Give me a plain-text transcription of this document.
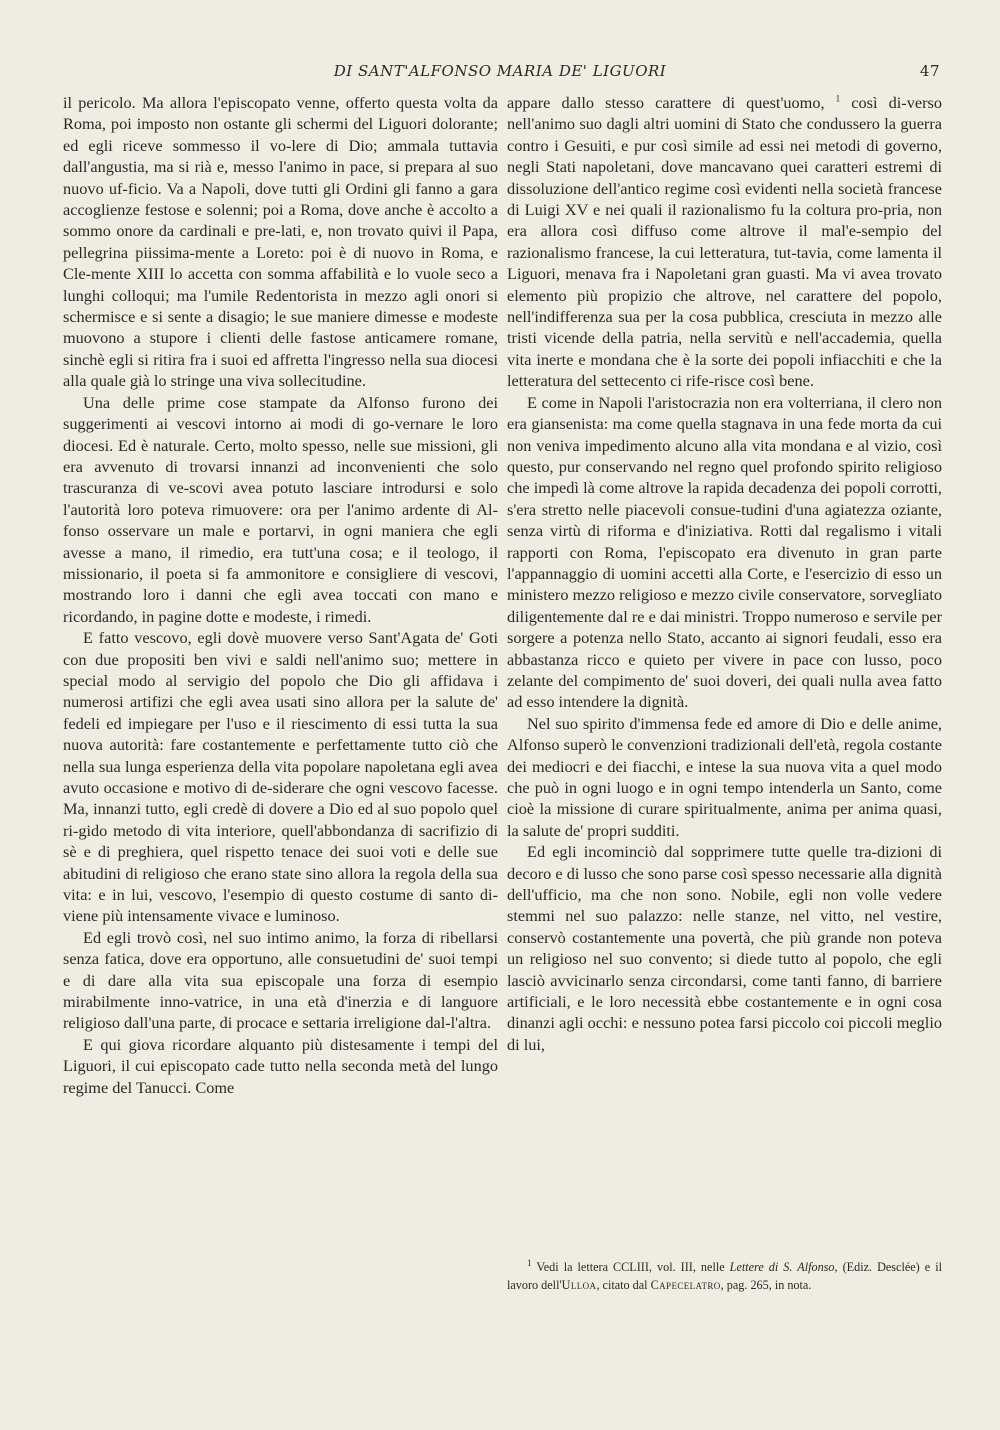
DI SANT'ALFONSO MARIA DE' LIGUORI	47

il pericolo. Ma allora l'episcopato venne, offerto questa volta da Roma, poi imposto non ostante gli schermi del Liguori dolorante; ed egli riceve sommesso il vo-lere di Dio; ammala tuttavia dall'angustia, ma si rià e, messo l'animo in pace, si prepara al suo nuovo uf-ficio. Va a Napoli, dove tutti gli Ordini gli fanno a gara accoglienze festose e solenni; poi a Roma, dove anche è accolto a sommo onore da cardinali e pre-lati, e, non trovato quivi il Papa, pellegrina piissima-mente a Loreto: poi è di nuovo in Roma, e Cle-mente XIII lo accetta con somma affabilità e lo vuole seco a lunghi colloqui; ma l'umile Redentorista in mezzo agli onori si schermisce e si sente a disagio; le sue maniere dimesse e modeste muovono a stupore i clienti delle fastose anticamere romane, sinchè egli si ritira fra i suoi ed affretta l'ingresso nella sua diocesi alla quale già lo stringe una viva sollecitudine.

Una delle prime cose stampate da Alfonso furono dei suggerimenti ai vescovi intorno ai modi di go-vernare le loro diocesi. Ed è naturale. Certo, molto spesso, nelle sue missioni, gli era avvenuto di trovarsi innanzi ad inconvenienti che solo trascuranza di ve-scovi avea potuto lasciare introdursi e solo l'autorità loro poteva rimuovere: ora per l'animo ardente di Al-fonso osservare un male e portarvi, in ogni maniera che egli avesse a mano, il rimedio, era tutt'una cosa; e il teologo, il missionario, il poeta si fa ammonitore e consigliere di vescovi, mostrando loro i danni che egli avea toccati con mano e ricordando, in pagine dotte e modeste, i rimedi.

E fatto vescovo, egli dovè muovere verso Sant'Agata de' Goti con due propositi ben vivi e saldi nell'animo suo; mettere in special modo al servigio del popolo che Dio gli affidava i numerosi artifizi che egli avea usati sino allora per la salute de' fedeli ed impiegare per l'uso e il riescimento di essi tutta la sua nuova autorità: fare costantemente e perfettamente tutto ciò che nella sua lunga esperienza della vita popolare napoletana egli avea avuto occasione e motivo di de-siderare che ogni vescovo facesse. Ma, innanzi tutto, egli credè di dovere a Dio ed al suo popolo quel ri-gido metodo di vita interiore, quell'abbondanza di sacrifizio di sè e di preghiera, quel rispetto tenace dei suoi voti e delle sue abitudini di religioso che erano state sino allora la regola della sua vita: e in lui, vescovo, l'esempio di questo costume di santo di-viene più intensamente vivace e luminoso.

Ed egli trovò così, nel suo intimo animo, la forza di ribellarsi senza fatica, dove era opportuno, alle consuetudini de' suoi tempi e di dare alla vita sua episcopale una forza di esempio mirabilmente inno-vatrice, in una età d'inerzia e di languore religioso dall'una parte, di procace e settaria irreligione dal-l'altra.

E qui giova ricordare alquanto più distesamente i tempi del Liguori, il cui episcopato cade tutto nella seconda metà del lungo regime del Tanucci. Come

appare dallo stesso carattere di quest'uomo, $^1$ così di-verso nell'animo suo dagli altri uomini di Stato che condussero la guerra contro i Gesuiti, e pur così simile ad essi nei metodi di governo, negli Stati napoletani, dove mancavano quei caratteri estremi di dissoluzione dell'antico regime così evidenti nella società francese di Luigi XV e nei quali il razionalismo fu la coltura pro-pria, non era allora così diffuso come altrove il mal'e-sempio del razionalismo francese, la cui letteratura, tut-tavia, come lamenta il Liguori, menava fra i Napoletani gran guasti. Ma vi avea trovato elemento più propizio che altrove, nel carattere del popolo, nell'indifferenza sua per la cosa pubblica, cresciuta in mezzo alle tristi vicende della patria, nella servitù e nell'accademia, quella vita inerte e mondana che è la sorte dei popoli infiacchiti e che la letteratura del settecento ci rife-risce così bene.

E come in Napoli l'aristocrazia non era volterriana, il clero non era giansenista: ma come quella stagnava in una fede morta da cui non veniva impedimento alcuno alla vita mondana e al vizio, così questo, pur conservando nel regno quel profondo spirito religioso che impedì là come altrove la rapida decadenza dei popoli corrotti, s'era stretto nelle piacevoli consue-tudini d'una agiatezza oziante, senza virtù di riforma e d'iniziativa. Rotti dal regalismo i vitali rapporti con Roma, l'episcopato era divenuto in gran parte l'appannaggio di uomini accetti alla Corte, e l'esercizio di esso un ministero mezzo religioso e mezzo civile conservatore, sorvegliato diligentemente dal re e dai ministri. Troppo numeroso e servile per sorgere a potenza nello Stato, accanto ai signori feudali, esso era abbastanza ricco e quieto per vivere in pace con lusso, poco zelante del compimento de' suoi doveri, dei quali nulla avea fatto ad esso intendere la dignità.

Nel suo spirito d'immensa fede ed amore di Dio e delle anime, Alfonso superò le convenzioni tradizionali dell'età, regola costante dei mediocri e dei fiacchi, e intese la sua nuova vita a quel modo che può in ogni luogo e in ogni tempo intenderla un Santo, come cioè la missione di curare spiritualmente, anima per anima quasi, la salute de' propri sudditi.

Ed egli incominciò dal sopprimere tutte quelle tra-dizioni di decoro e di lusso che sono parse così spesso necessarie alla dignità dell'ufficio, ma che non sono. Nobile, egli non volle vedere stemmi nel suo palazzo: nelle stanze, nel vitto, nel vestire, conservò costantemente una povertà, che più grande non poteva un religioso nel suo convento; si diede tutto al popolo, che egli lasciò avvicinarlo senza circondarsi, come tanti fanno, di barriere artificiali, e le loro necessità ebbe costantemente e in ogni cosa dinanzi agli occhi: e nessuno potea farsi piccolo coi piccoli meglio di lui,

$^1$ Vedi la lettera CCLIII, vol. III, nelle Lettere di S. Alfonso, (Ediz. Desclée) e il lavoro dell'Ulloa, citato dal Capecelatro, pag. 265, in nota.
